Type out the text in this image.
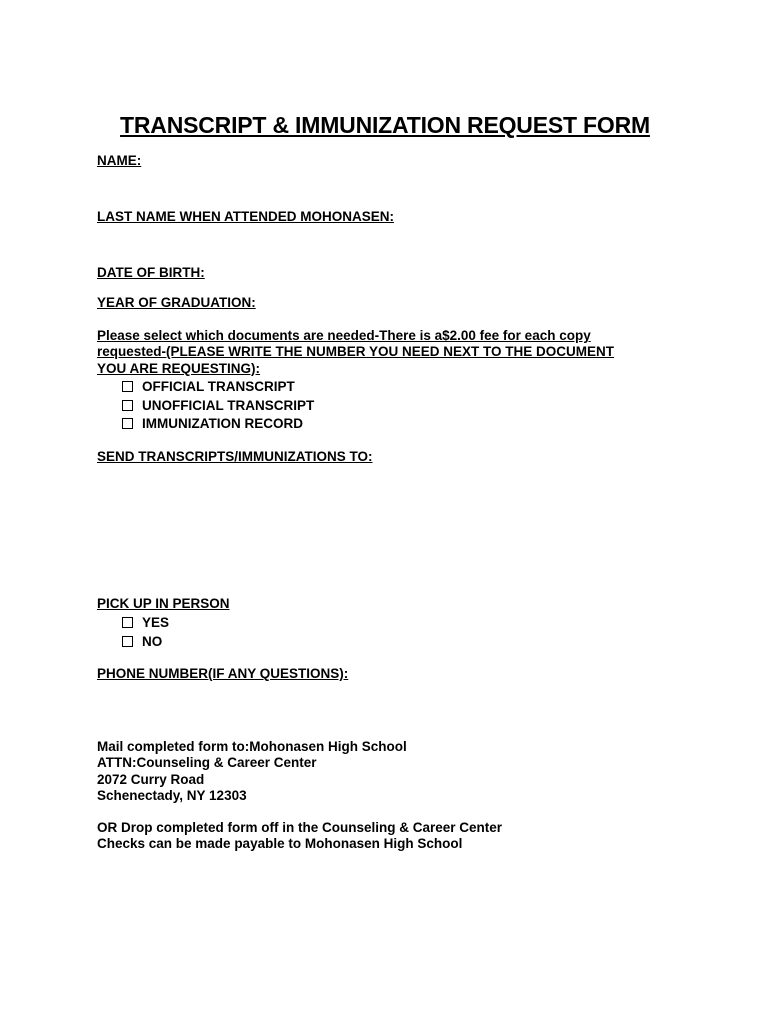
TRANSCRIPT & IMMUNIZATION REQUEST FORM

NAME:

LAST NAME WHEN ATTENDED MOHONASEN:

DATE OF BIRTH:

YEAR OF GRADUATION:

Please select which documents are needed-There is a$2.00 fee for each copy
requested-(PLEASE WRITE THE NUMBER YOU NEED NEXT TO THE DOCUMENT
YOU ARE REQUESTING):
OFFICIAL TRANSCRIPT
UNOFFICIAL TRANSCRIPT
IMMUNIZATION RECORD

SEND TRANSCRIPTS/IMMUNIZATIONS TO:

PICK UP IN PERSON

YES
NO

PHONE NUMBER(IF ANY QUESTIONS):

Mail completed form to:Mohonasen High School
ATTN:Counseling & Career Center
2072 Curry Road
Schenectady, NY 12303
OR Drop completed form off in the Counseling & Career Center
Checks can be made payable to Mohonasen High School
